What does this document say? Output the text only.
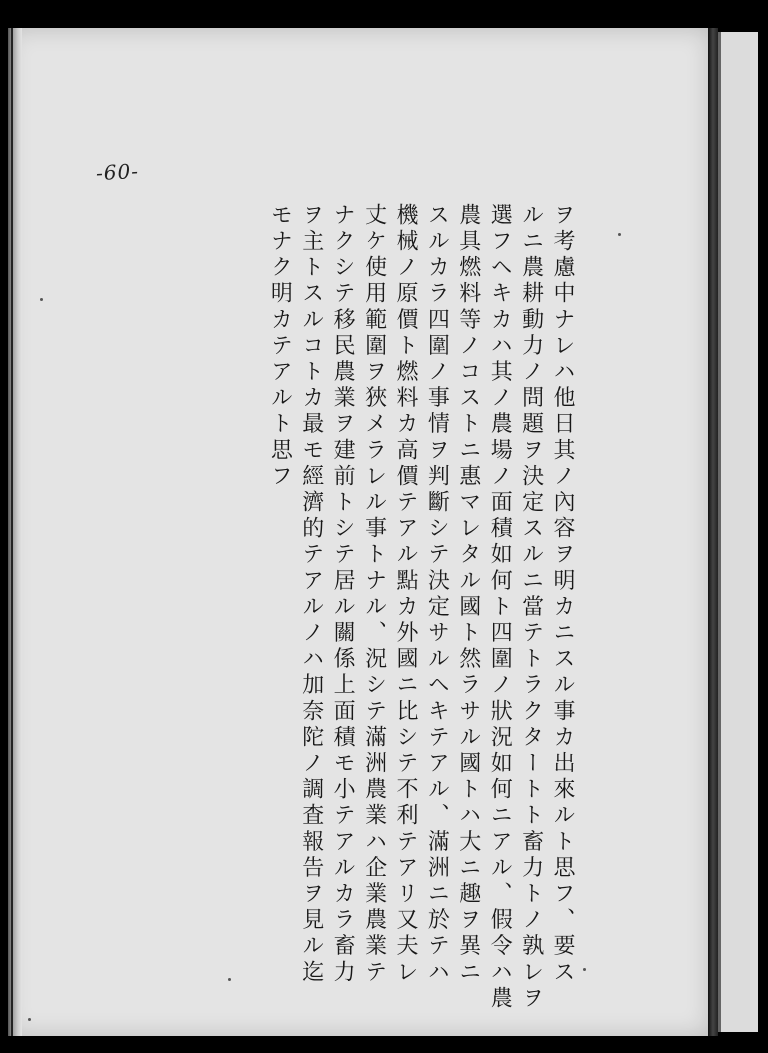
-60-
ヲ考慮中ナレハ他日其ノ內容ヲ明カニスル事カ出來ルト思フ、要ス
ルニ農耕動力ノ問題ヲ決定スルニ當テトラクタートト畜力トノ孰レヲ
選フヘキカハ其ノ農場ノ面積如何ト四圍ノ狀況如何ニアル、假令ハ農
農具燃料等ノコストニ惠マレタル國ト然ラサル國トハ大ニ趣ヲ異ニ
スルカラ四圍ノ事情ヲ判斷シテ決定サルヘキテアル、滿洲ニ於テハ
機械ノ原價ト燃料カ高價テアル點カ外國ニ比シテ不利テアリ又夫レ
丈ケ使用範圍ヲ狹メラレル事トナル、況シテ滿洲農業ハ企業農業テ
ナクシテ移民農業ヲ建前トシテ居ル關係上面積モ小テアルカラ畜力
ヲ主トスルコトカ最モ經濟的テアルノハ加奈陀ノ調査報告ヲ見ル迄
モナク明カテアルト思フ
